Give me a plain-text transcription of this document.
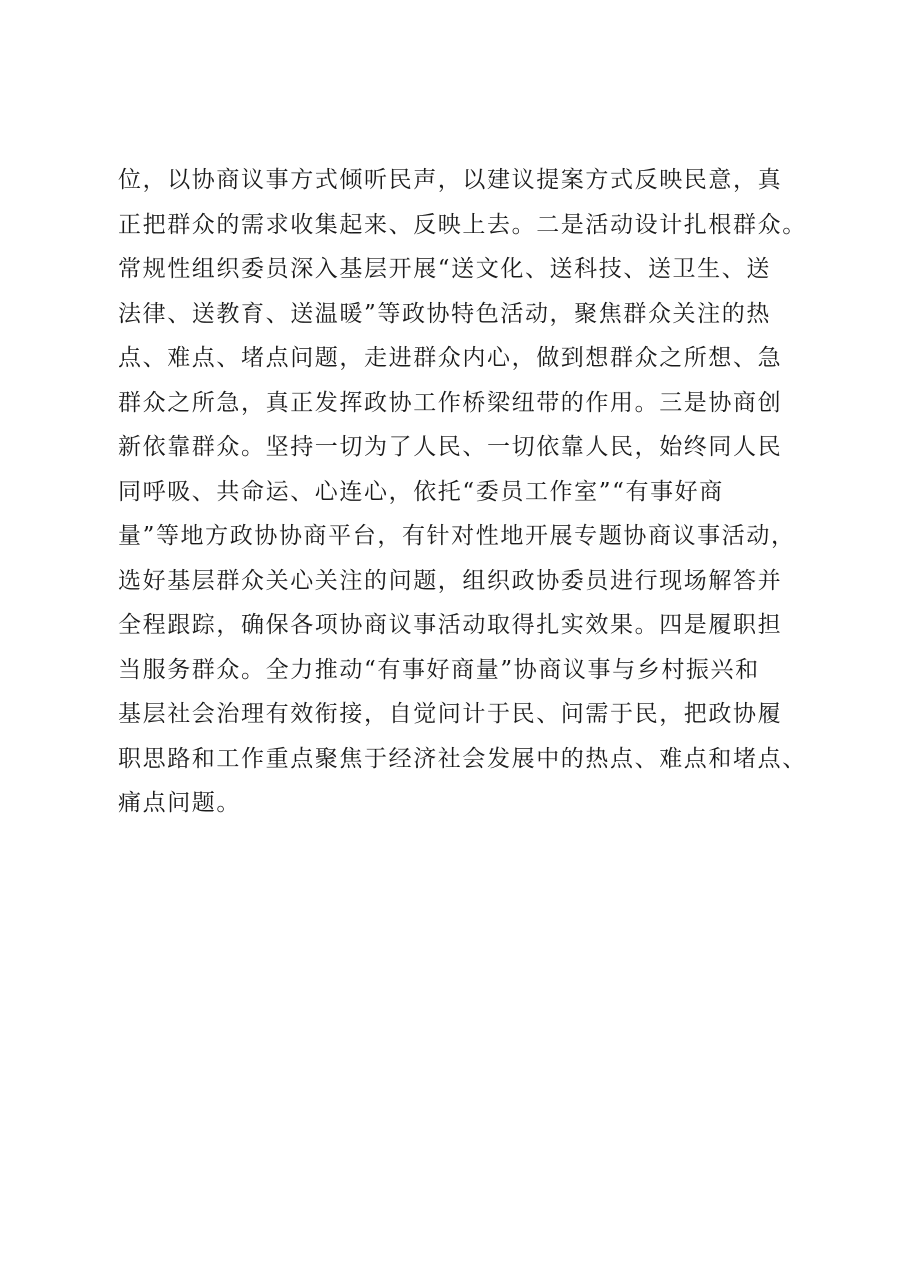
位，以协商议事方式倾听民声，以建议提案方式反映民意，真
正把群众的需求收集起来、反映上去。二是活动设计扎根群众。
常规性组织委员深入基层开展“送文化、送科技、送卫生、送
法律、送教育、送温暖”等政协特色活动，聚焦群众关注的热
点、难点、堵点问题，走进群众内心，做到想群众之所想、急
群众之所急，真正发挥政协工作桥梁纽带的作用。三是协商创
新依靠群众。坚持一切为了人民、一切依靠人民，始终同人民
同呼吸、共命运、心连心，依托“委员工作室”“有事好商
量”等地方政协协商平台，有针对性地开展专题协商议事活动，
选好基层群众关心关注的问题，组织政协委员进行现场解答并
全程跟踪，确保各项协商议事活动取得扎实效果。四是履职担
当服务群众。全力推动“有事好商量”协商议事与乡村振兴和
基层社会治理有效衔接，自觉问计于民、问需于民，把政协履
职思路和工作重点聚焦于经济社会发展中的热点、难点和堵点、
痛点问题。
